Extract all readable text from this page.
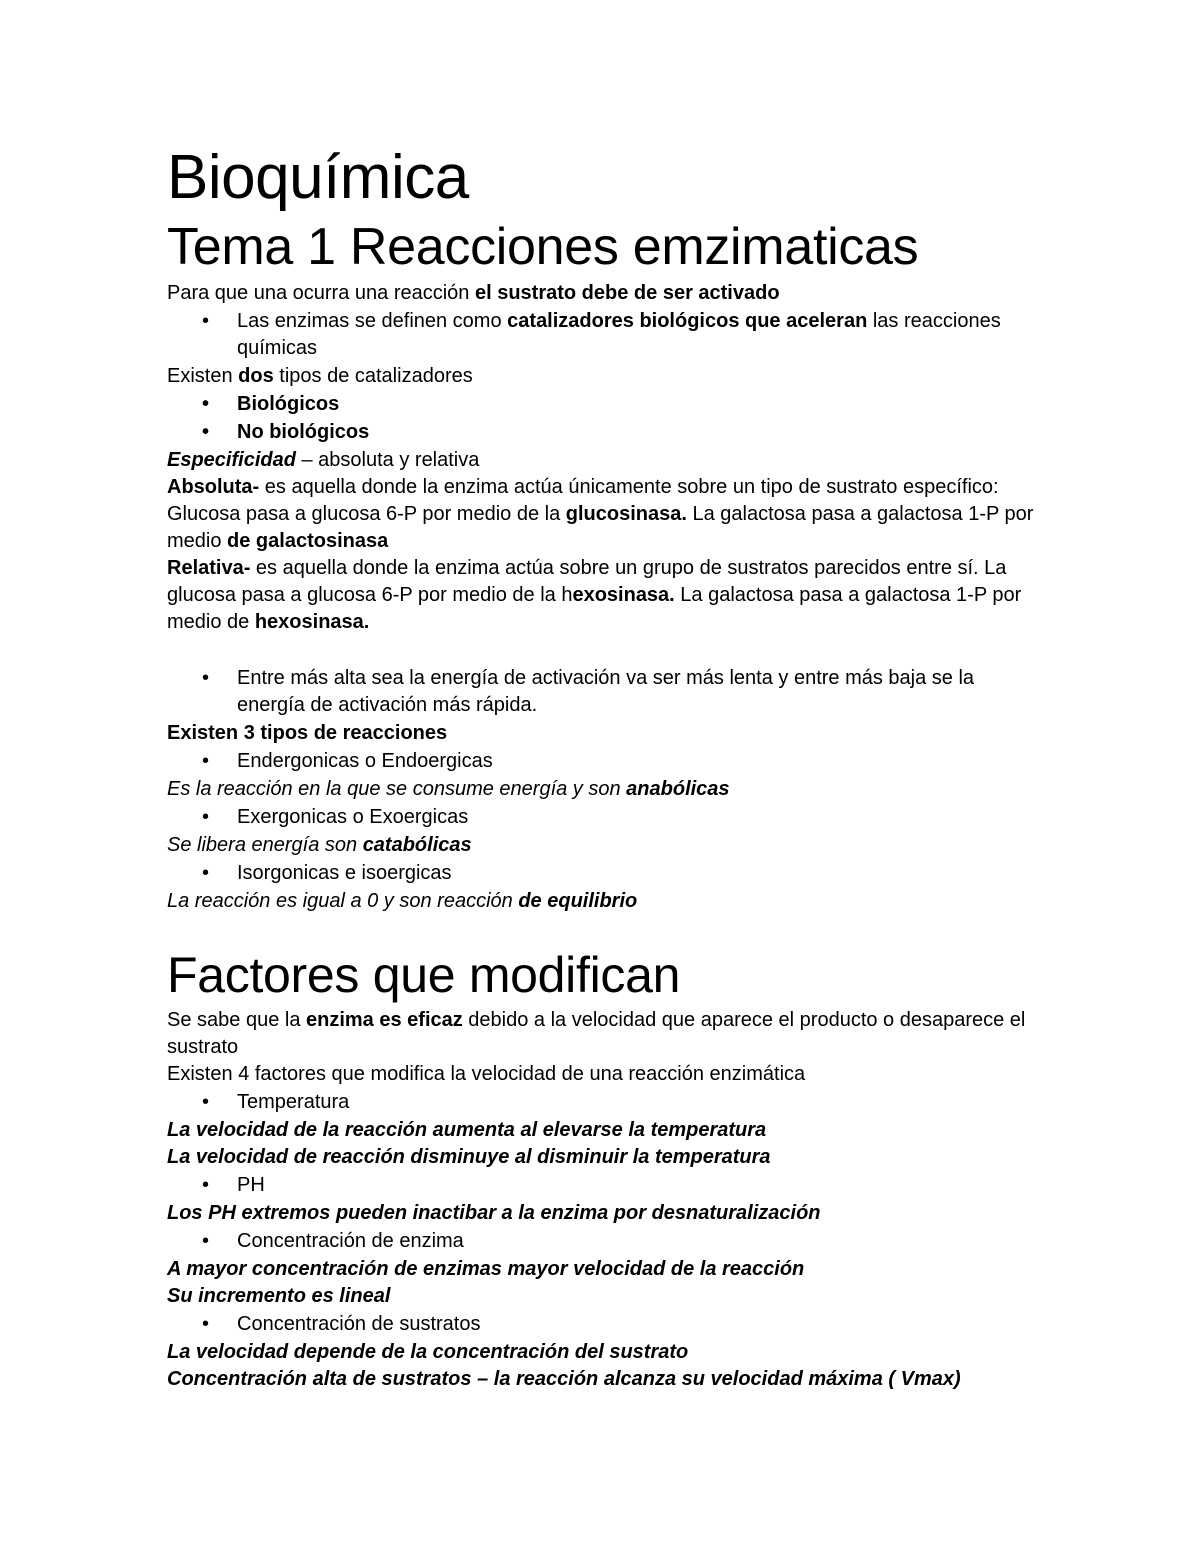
Bioquímica
Tema 1 Reacciones emzimaticas

Para que una ocurra una reacción el sustrato debe de ser activado

• Las enzimas se definen como catalizadores biológicos que aceleran las reacciones químicas

Existen dos tipos de catalizadores

• Biológicos
• No biológicos

Especificidad – absoluta y relativa

Absoluta- es aquella donde la enzima actúa únicamente sobre un tipo de sustrato específico: Glucosa pasa a glucosa 6-P por medio de la glucosinasa. La galactosa pasa a galactosa 1-P por medio de galactosinasa

Relativa- es aquella donde la enzima actúa sobre un grupo de sustratos parecidos entre sí. La glucosa pasa a glucosa 6-P por medio de la hexosinasa. La galactosa pasa a galactosa 1-P por medio de hexosinasa.

• Entre más alta sea la energía de activación va ser más lenta y entre más baja se la energía de activación más rápida.

Existen 3 tipos de reacciones

• Endergonicas o Endoergicas

Es la reacción en la que se consume energía y son anabólicas

• Exergonicas o Exoergicas

Se libera energía son catabólicas

• Isorgonicas e isoergicas

La reacción es igual a 0 y son reacción de equilibrio

Factores que modifican

Se sabe que la enzima es eficaz debido a la velocidad que aparece el producto o desaparece el sustrato

Existen 4 factores que modifica la velocidad de una reacción enzimática

• Temperatura

La velocidad de la reacción aumenta al elevarse la temperatura

La velocidad de reacción disminuye al disminuir la temperatura

• PH

Los PH extremos pueden inactibar a la enzima por desnaturalización

• Concentración de enzima

A mayor concentración de enzimas mayor velocidad de la reacción

Su incremento es lineal

• Concentración de sustratos

La velocidad depende de la concentración del sustrato

Concentración alta de sustratos – la reacción alcanza su velocidad máxima ( Vmax)
